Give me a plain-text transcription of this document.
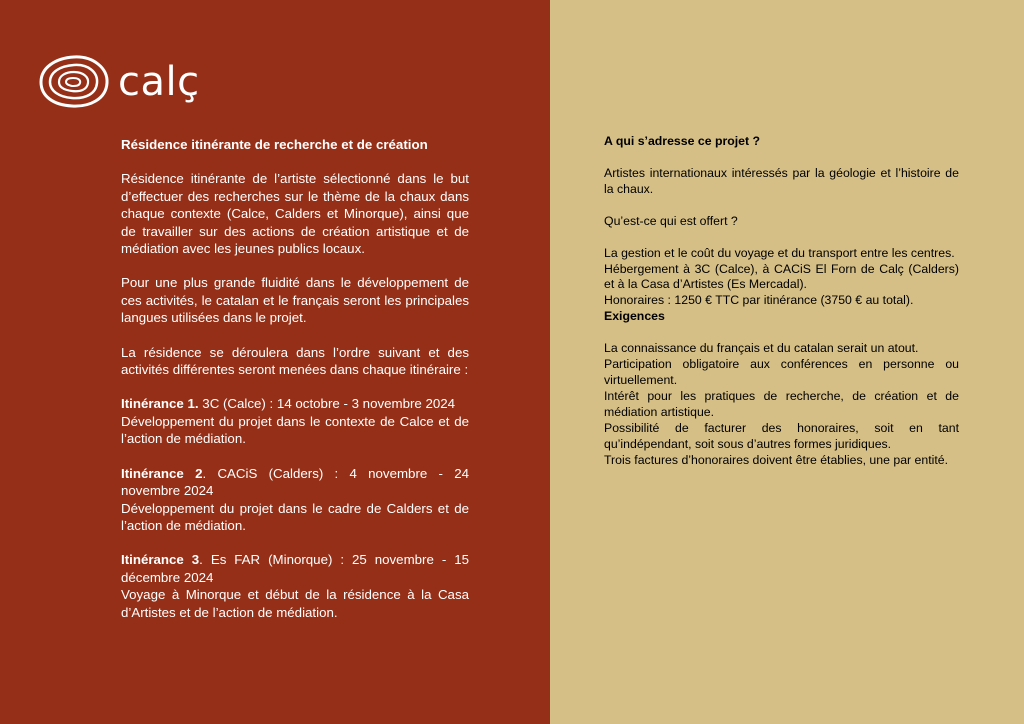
calç
Résidence itinérante de recherche et de création

Résidence itinérante de l’artiste sélectionné dans le but d’effectuer des recherches sur le thème de la chaux dans chaque contexte (Calce, Calders et Minorque), ainsi que de travailler sur des actions de création artistique et de médiation avec les jeunes publics locaux.

Pour une plus grande fluidité dans le développement de ces activités, le catalan et le français seront les principales langues utilisées dans le projet.

La résidence se déroulera dans l’ordre suivant et des activités différentes seront menées dans chaque itinéraire :

Itinérance 1. 3C (Calce) : 14 octobre - 3 novembre 2024
Développement du projet dans le contexte de Calce et de l’action de médiation.

Itinérance 2. CACiS (Calders) : 4 novembre - 24 novembre 2024
Développement du projet dans le cadre de Calders et de l’action de médiation.

Itinérance 3. Es FAR (Minorque) : 25 novembre - 15 décembre 2024
Voyage à Minorque et début de la résidence à la Casa d’Artistes et de l’action de médiation.

A qui s’adresse ce projet ?

Artistes internationaux intéressés par la géologie et l’histoire de la chaux.

Qu’est-ce qui est offert ?

La gestion et le coût du voyage et du transport entre les centres.

Hébergement à 3C (Calce), à CACiS El Forn de Calç (Calders) et à la Casa d’Artistes (Es Mercadal).

Honoraires : 1250 € TTC par itinérance (3750 € au total).

Exigences

La connaissance du français et du catalan serait un atout.

Participation obligatoire aux conférences en personne ou virtuellement.

Intérêt pour les pratiques de recherche, de création et de médiation artistique.

Possibilité de facturer des honoraires, soit en tant qu’indépendant, soit sous d’autres formes juridiques.

Trois factures d’honoraires doivent être établies, une par entité.
